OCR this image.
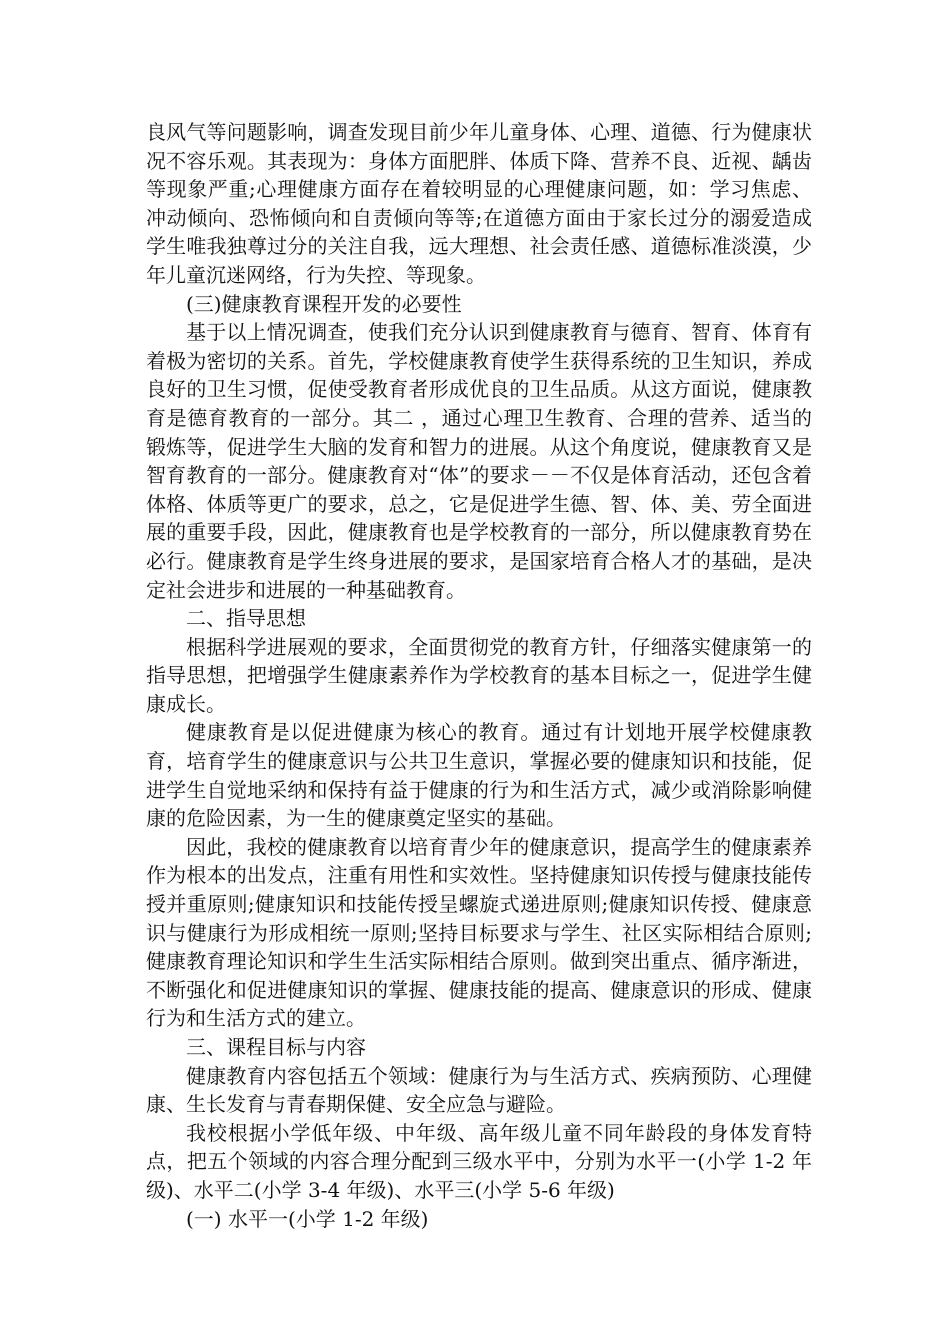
良风气等问题影响，调查发现目前少年儿童身体、心理、道德、行为健康状况不容乐观。其表现为：身体方面肥胖、体质下降、营养不良、近视、龋齿等现象严重;心理健康方面存在着较明显的心理健康问题，如：学习焦虑、冲动倾向、恐怖倾向和自责倾向等等;在道德方面由于家长过分的溺爱造成学生唯我独尊过分的关注自我，远大理想、社会责任感、道德标准淡漠，少年儿童沉迷网络，行为失控、等现象。

(三)健康教育课程开发的必要性

基于以上情况调查，使我们充分认识到健康教育与德育、智育、体育有着极为密切的关系。首先，学校健康教育使学生获得系统的卫生知识，养成良好的卫生习惯，促使受教育者形成优良的卫生品质。从这方面说，健康教育是德育教育的一部分。其二 ，通过心理卫生教育、合理的营养、适当的锻炼等，促进学生大脑的发育和智力的进展。从这个角度说，健康教育又是智育教育的一部分。健康教育对“体”的要求－－不仅是体育活动，还包含着体格、体质等更广的要求，总之，它是促进学生德、智、体、美、劳全面进展的重要手段，因此，健康教育也是学校教育的一部分，所以健康教育势在必行。健康教育是学生终身进展的要求，是国家培育合格人才的基础，是决定社会进步和进展的一种基础教育。

二、指导思想

根据科学进展观的要求，全面贯彻党的教育方针，仔细落实健康第一的指导思想，把增强学生健康素养作为学校教育的基本目标之一，促进学生健康成长。

健康教育是以促进健康为核心的教育。通过有计划地开展学校健康教育，培育学生的健康意识与公共卫生意识，掌握必要的健康知识和技能，促进学生自觉地采纳和保持有益于健康的行为和生活方式，减少或消除影响健康的危险因素，为一生的健康奠定坚实的基础。

因此，我校的健康教育以培育青少年的健康意识，提高学生的健康素养作为根本的出发点，注重有用性和实效性。坚持健康知识传授与健康技能传授并重原则;健康知识和技能传授呈螺旋式递进原则;健康知识传授、健康意识与健康行为形成相统一原则;坚持目标要求与学生、社区实际相结合原则;健康教育理论知识和学生生活实际相结合原则。做到突出重点、循序渐进，不断强化和促进健康知识的掌握、健康技能的提高、健康意识的形成、健康行为和生活方式的建立。

三、课程目标与内容

健康教育内容包括五个领域：健康行为与生活方式、疾病预防、心理健康、生长发育与青春期保健、安全应急与避险。

我校根据小学低年级、中年级、高年级儿童不同年龄段的身体发育特点，把五个领域的内容合理分配到三级水平中，分别为水平一(小学 1-2 年级)、水平二(小学 3-4 年级)、水平三(小学 5-6 年级)

(一) 水平一(小学 1-2 年级)
